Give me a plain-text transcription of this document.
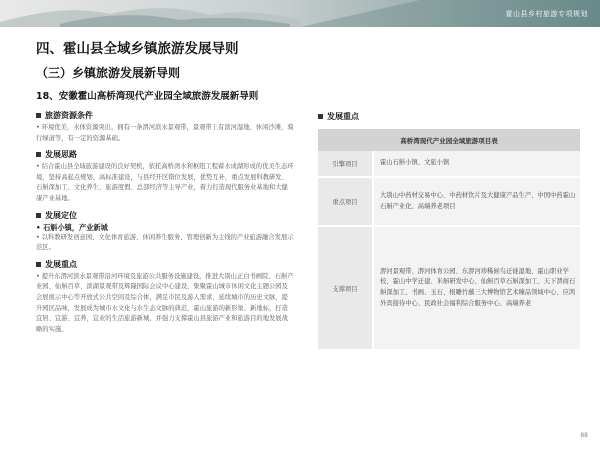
霍山县乡村旅游专项规划
四、霍山县全域乡镇旅游发展导则
（三）乡镇旅游发展新导则
18、安徽霍山高桥湾现代产业园全域旅游发展新导则
旅游资源条件

• 环境优美，水体资源突出，拥有一条淠河滨水景观带，景观带上有滨河湿地、休闲沙滩、骑行绿道等，有一定的资源基础。

发展思路

• 结合霍山县全域旅游建设的良好契机，依托高桥湾水利枢纽工程蓄水成湖形成的优美生态环境，坚持高起点规划、高标准建设，与县经开区错位发展，优势互补，重点发展科教研发、石斛深加工、文化养生、旅游度假、总部经济等主导产业，着力打造现代服务业基地和大健康产业基地。

发展定位

• 石斛小镇，产业新城

• 以科教研发创意园、文化体育旅游、休闲养生服务、管理创新为主线的产业旅游融合发展示范区。

发展重点

• 提升东淠河滨水景观带沿河环境及旅游公共服务设施建设，推进大别山正白书画院、石斛产业园、仙斛百草、滨湖景观带及辉隆国际会议中心建设，集聚霍山城市休闲文化主题公园及会展展示中心等开放式公共空间及综合体，满足市民及游人需求，延续城市的历史文脉，提升园区品味，发展成为城市水文化与水生态文脉的典范，霍山旅游的新形象、新地标，打造宜居、宜游、宜养、宜业的生活旅游新城，并强力支撑霍山县旅游产业和旅游目的地发展战略的实施。

发展重点
高桥湾现代产业园全域旅游项目表	
引擎项目	霍山石斛小镇、文旅小镇
重点项目	大别山中药材交易中心、中药材饮片及大健康产品生产、中国中药霍山石斛产业化、高端养老项目
支撑项目	淠河景观带、淠河体育公园、东淠河珍稀候鸟迁徙湿地、霍山职业学校、霍山中学迁建、米斛研发中心、仙斛百草石斛深加工、天下淠商石斛深加工、书画、玉石、根雕竹藤三大博物馆艺术臻品领域中心、应鸿外宾接待中心、民政社会福利综合服务中心、高端养老
88
